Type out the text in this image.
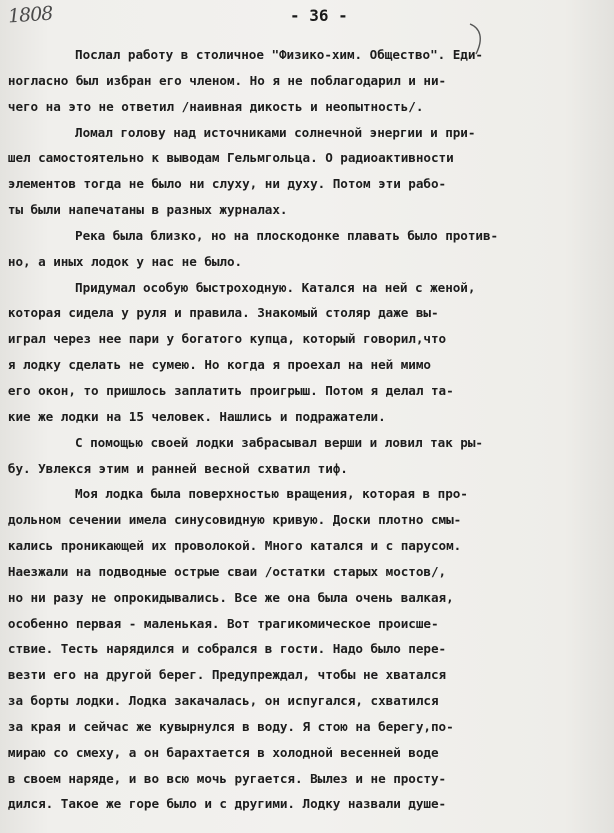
1808	- 36 -
Послал работу в столичное "Физико-хим. Общество". Еди-
ногласно был избран его членом. Но я не поблагодарил и ни-
чего на это не ответил /наивная дикость и неопытность/.
Ломал голову над источниками солнечной энергии и при-
шел самостоятельно к выводам Гельмгольца. О радиоактивности
элементов тогда не было ни слуху, ни духу. Потом эти рабо-
ты были напечатаны в разных журналах.
Река была близко, но на плоскодонке плавать было против-
но, а иных лодок у нас не было.
Придумал особую быстроходную. Катался на ней с женой,
которая сидела у руля и правила. Знакомый столяр даже вы-
играл через нее пари у богатого купца, который говорил,что
я лодку сделать не сумею. Но когда я проехал на ней мимо
его окон, то пришлось заплатить проигрыш. Потом я делал та-
кие же лодки на 15 человек. Нашлись и подражатели.
С помощью своей лодки забрасывал верши и ловил так ры-
бу. Увлекся этим и ранней весной схватил тиф.
Моя лодка была поверхностью вращения, которая в про-
дольном сечении имела синусовидную кривую. Доски плотно смы-
кались проникающей их проволокой. Много катался и с парусом.
Наезжали на подводные острые сваи /остатки старых мостов/,
но ни разу не опрокидывались. Все же она была очень валкая,
особенно первая - маленькая. Вот трагикомическое происше-
ствие. Тесть нарядился и собрался в гости. Надо было пере-
везти его на другой берег. Предупреждал, чтобы не хватался
за борты лодки. Лодка закачалась, он испугался, схватился
за края и сейчас же кувырнулся в воду. Я стою на берегу,по-
мираю со смеху, а он барахтается в холодной весенней воде
в своем наряде, и во всю мочь ругается. Вылез и не просту-
дился. Такое же горе было и с другими. Лодку назвали душе-
